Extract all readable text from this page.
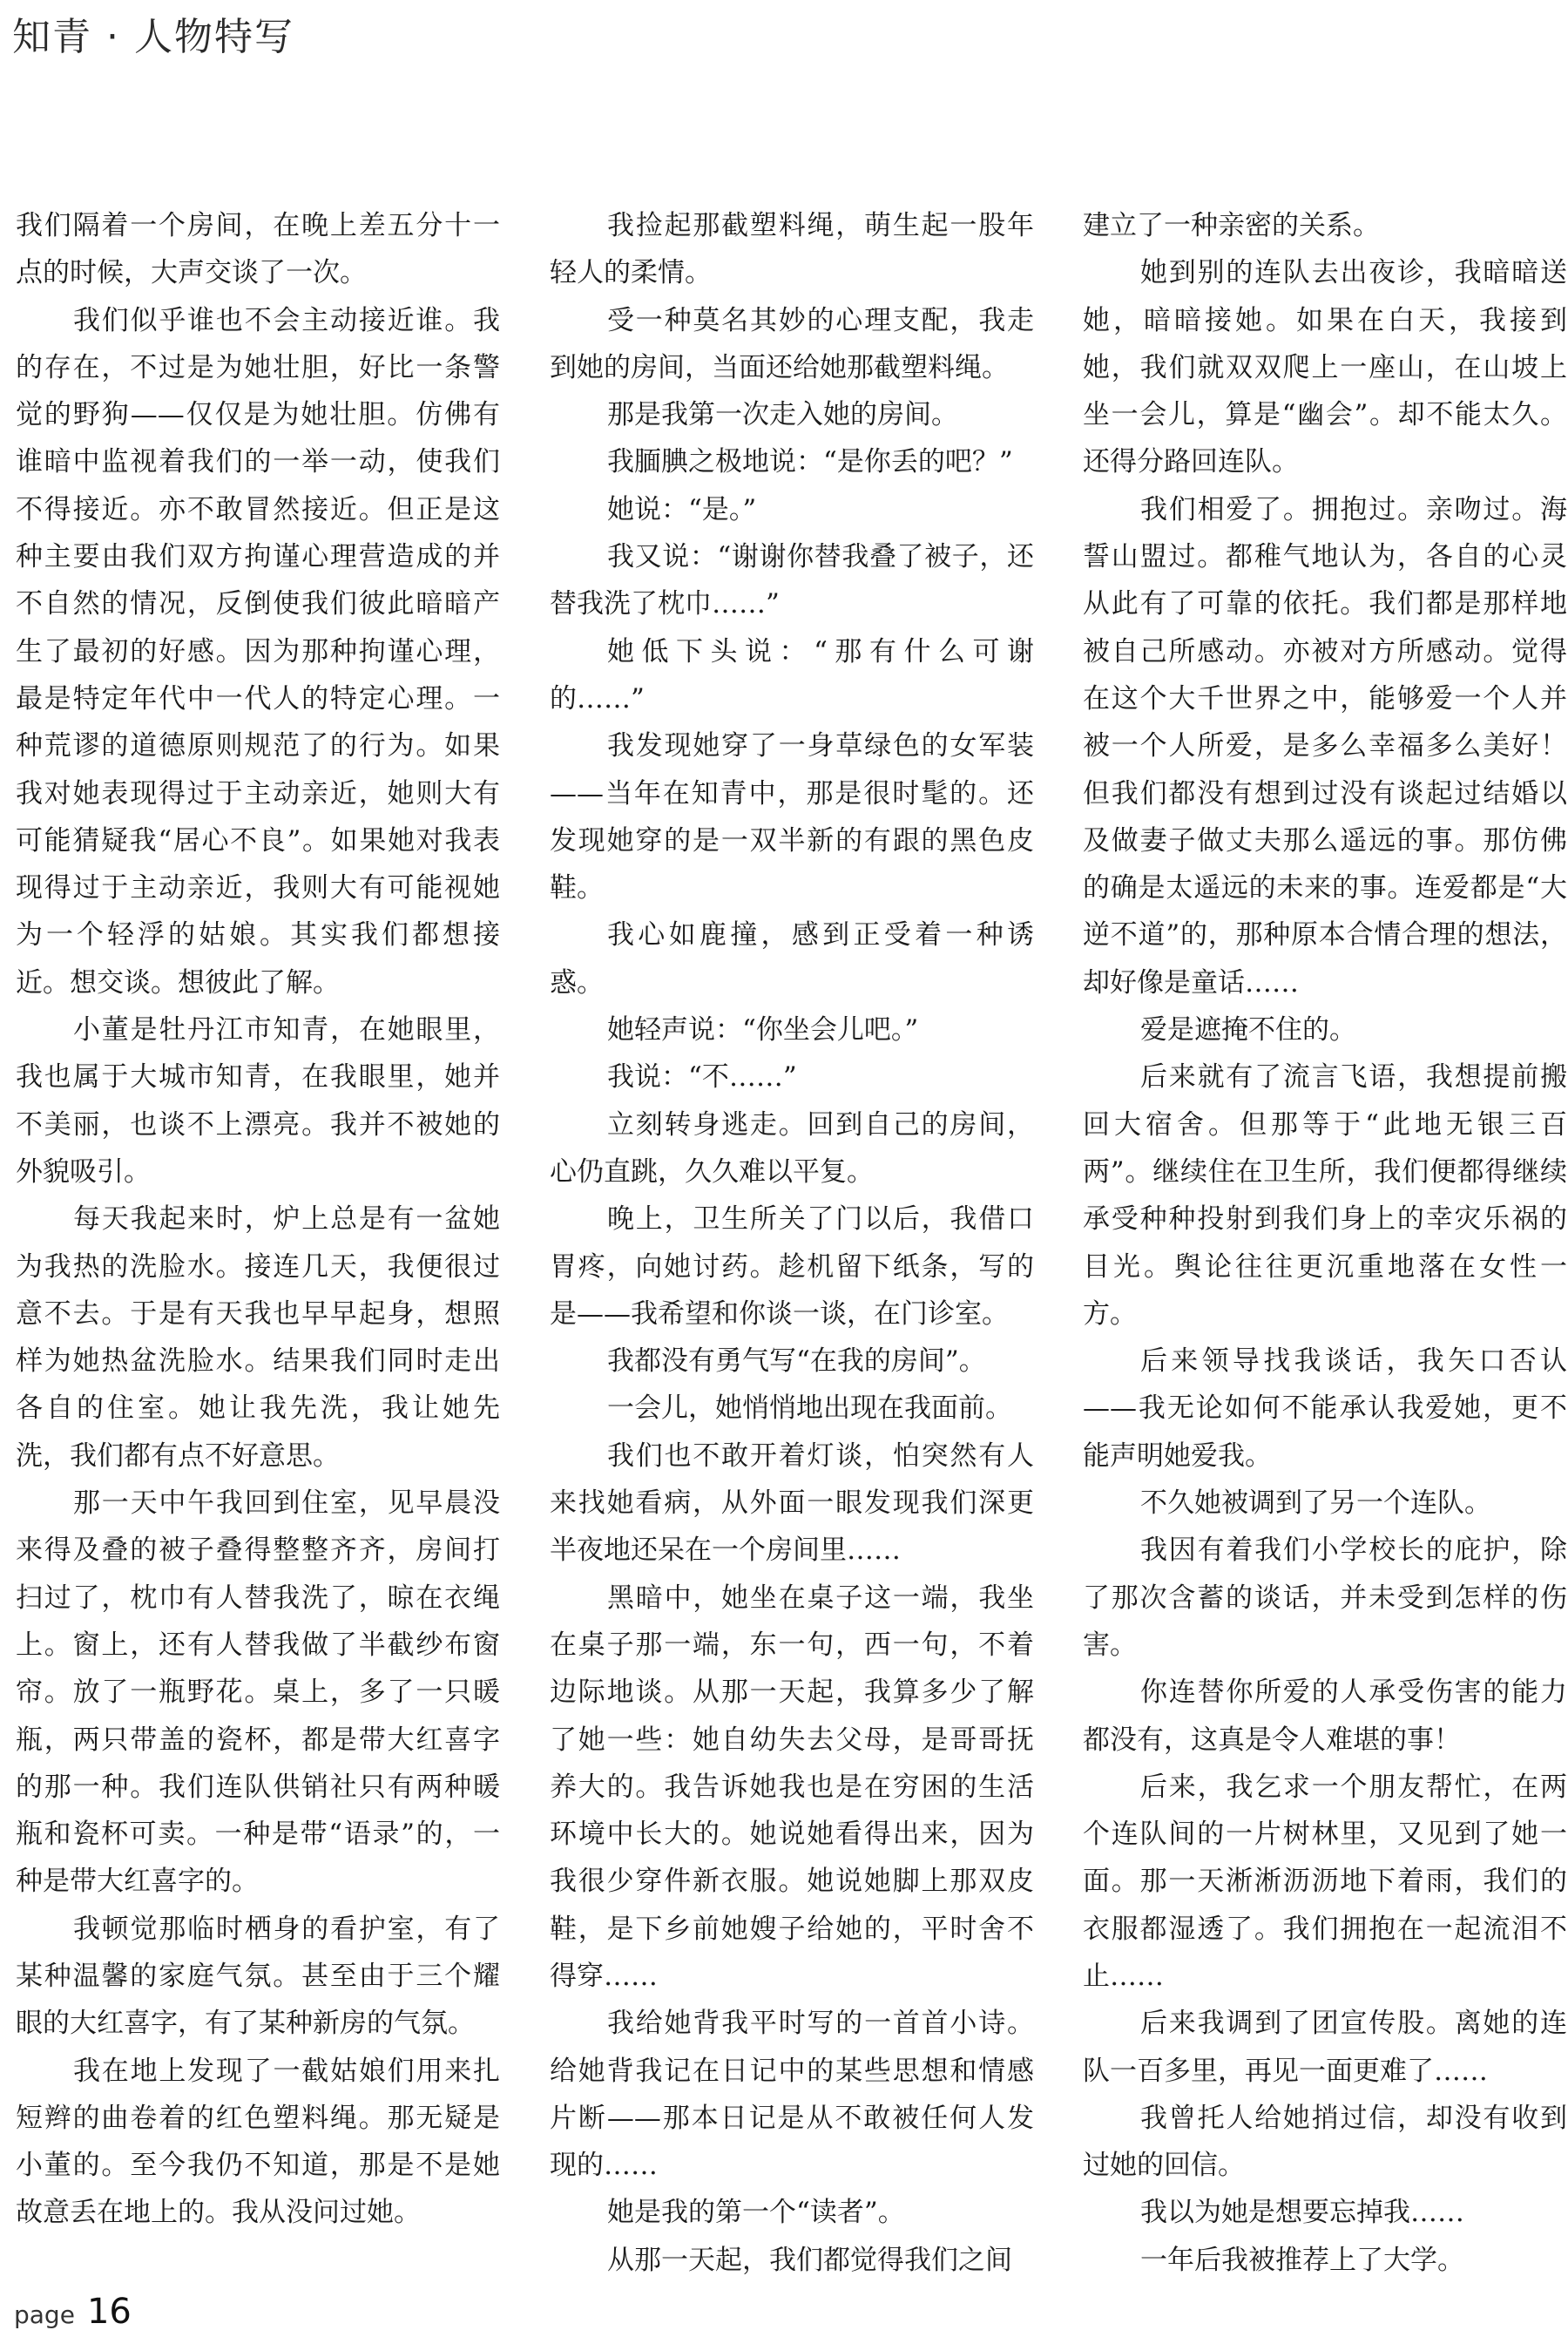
知青 · 人物特写

我们隔着一个房间，在晚上差五分十一点的时候，大声交谈了一次。

我们似乎谁也不会主动接近谁。我的存在，不过是为她壮胆，好比一条警觉的野狗——仅仅是为她壮胆。仿佛有谁暗中监视着我们的一举一动，使我们不得接近。亦不敢冒然接近。但正是这种主要由我们双方拘谨心理营造成的并不自然的情况，反倒使我们彼此暗暗产生了最初的好感。因为那种拘谨心理，最是特定年代中一代人的特定心理。一种荒谬的道德原则规范了的行为。如果我对她表现得过于主动亲近，她则大有可能猜疑我“居心不良”。如果她对我表现得过于主动亲近，我则大有可能视她为一个轻浮的姑娘。其实我们都想接近。想交谈。想彼此了解。

小董是牡丹江市知青，在她眼里，我也属于大城市知青，在我眼里，她并不美丽，也谈不上漂亮。我并不被她的外貌吸引。

每天我起来时，炉上总是有一盆她为我热的洗脸水。接连几天，我便很过意不去。于是有天我也早早起身，想照样为她热盆洗脸水。结果我们同时走出各自的住室。她让我先洗，我让她先洗，我们都有点不好意思。

那一天中午我回到住室，见早晨没来得及叠的被子叠得整整齐齐，房间打扫过了，枕巾有人替我洗了，晾在衣绳上。窗上，还有人替我做了半截纱布窗帘。放了一瓶野花。桌上，多了一只暖瓶，两只带盖的瓷杯，都是带大红喜字的那一种。我们连队供销社只有两种暖瓶和瓷杯可卖。一种是带“语录”的，一种是带大红喜字的。

我顿觉那临时栖身的看护室，有了某种温馨的家庭气氛。甚至由于三个耀眼的大红喜字，有了某种新房的气氛。

我在地上发现了一截姑娘们用来扎短辫的曲卷着的红色塑料绳。那无疑是小董的。至今我仍不知道，那是不是她故意丢在地上的。我从没问过她。

我捡起那截塑料绳，萌生起一股年轻人的柔情。

受一种莫名其妙的心理支配，我走到她的房间，当面还给她那截塑料绳。

那是我第一次走入她的房间。

我腼腆之极地说：“是你丢的吧？”

她说：“是。”

我又说：“谢谢你替我叠了被子，还替我洗了枕巾……”

她低下头说：“那有什么可谢的……”

我发现她穿了一身草绿色的女军装——当年在知青中，那是很时髦的。还发现她穿的是一双半新的有跟的黑色皮鞋。

我心如鹿撞，感到正受着一种诱惑。

她轻声说：“你坐会儿吧。”

我说：“不……”

立刻转身逃走。回到自己的房间，心仍直跳，久久难以平复。

晚上，卫生所关了门以后，我借口胃疼，向她讨药。趁机留下纸条，写的是——我希望和你谈一谈，在门诊室。

我都没有勇气写“在我的房间”。

一会儿，她悄悄地出现在我面前。

我们也不敢开着灯谈，怕突然有人来找她看病，从外面一眼发现我们深更半夜地还呆在一个房间里……

黑暗中，她坐在桌子这一端，我坐在桌子那一端，东一句，西一句，不着边际地谈。从那一天起，我算多少了解了她一些：她自幼失去父母，是哥哥抚养大的。我告诉她我也是在穷困的生活环境中长大的。她说她看得出来，因为我很少穿件新衣服。她说她脚上那双皮鞋，是下乡前她嫂子给她的，平时舍不得穿……

我给她背我平时写的一首首小诗。给她背我记在日记中的某些思想和情感片断——那本日记是从不敢被任何人发现的……

她是我的第一个“读者”。

从那一天起，我们都觉得我们之间

建立了一种亲密的关系。

她到别的连队去出夜诊，我暗暗送她，暗暗接她。如果在白天，我接到她，我们就双双爬上一座山，在山坡上坐一会儿，算是“幽会”。却不能太久。还得分路回连队。

我们相爱了。拥抱过。亲吻过。海誓山盟过。都稚气地认为，各自的心灵从此有了可靠的依托。我们都是那样地被自己所感动。亦被对方所感动。觉得在这个大千世界之中，能够爱一个人并被一个人所爱，是多么幸福多么美好！但我们都没有想到过没有谈起过结婚以及做妻子做丈夫那么遥远的事。那仿佛的确是太遥远的未来的事。连爱都是“大逆不道”的，那种原本合情合理的想法，却好像是童话……

爱是遮掩不住的。

后来就有了流言飞语，我想提前搬回大宿舍。但那等于“此地无银三百两”。继续住在卫生所，我们便都得继续承受种种投射到我们身上的幸灾乐祸的目光。舆论往往更沉重地落在女性一方。

后来领导找我谈话，我矢口否认——我无论如何不能承认我爱她，更不能声明她爱我。

不久她被调到了另一个连队。

我因有着我们小学校长的庇护，除了那次含蓄的谈话，并未受到怎样的伤害。

你连替你所爱的人承受伤害的能力都没有，这真是令人难堪的事！

后来，我乞求一个朋友帮忙，在两个连队间的一片树林里，又见到了她一面。那一天淅淅沥沥地下着雨，我们的衣服都湿透了。我们拥抱在一起流泪不止……

后来我调到了团宣传股。离她的连队一百多里，再见一面更难了……

我曾托人给她捎过信，却没有收到过她的回信。

我以为她是想要忘掉我……

一年后我被推荐上了大学。

page 16
